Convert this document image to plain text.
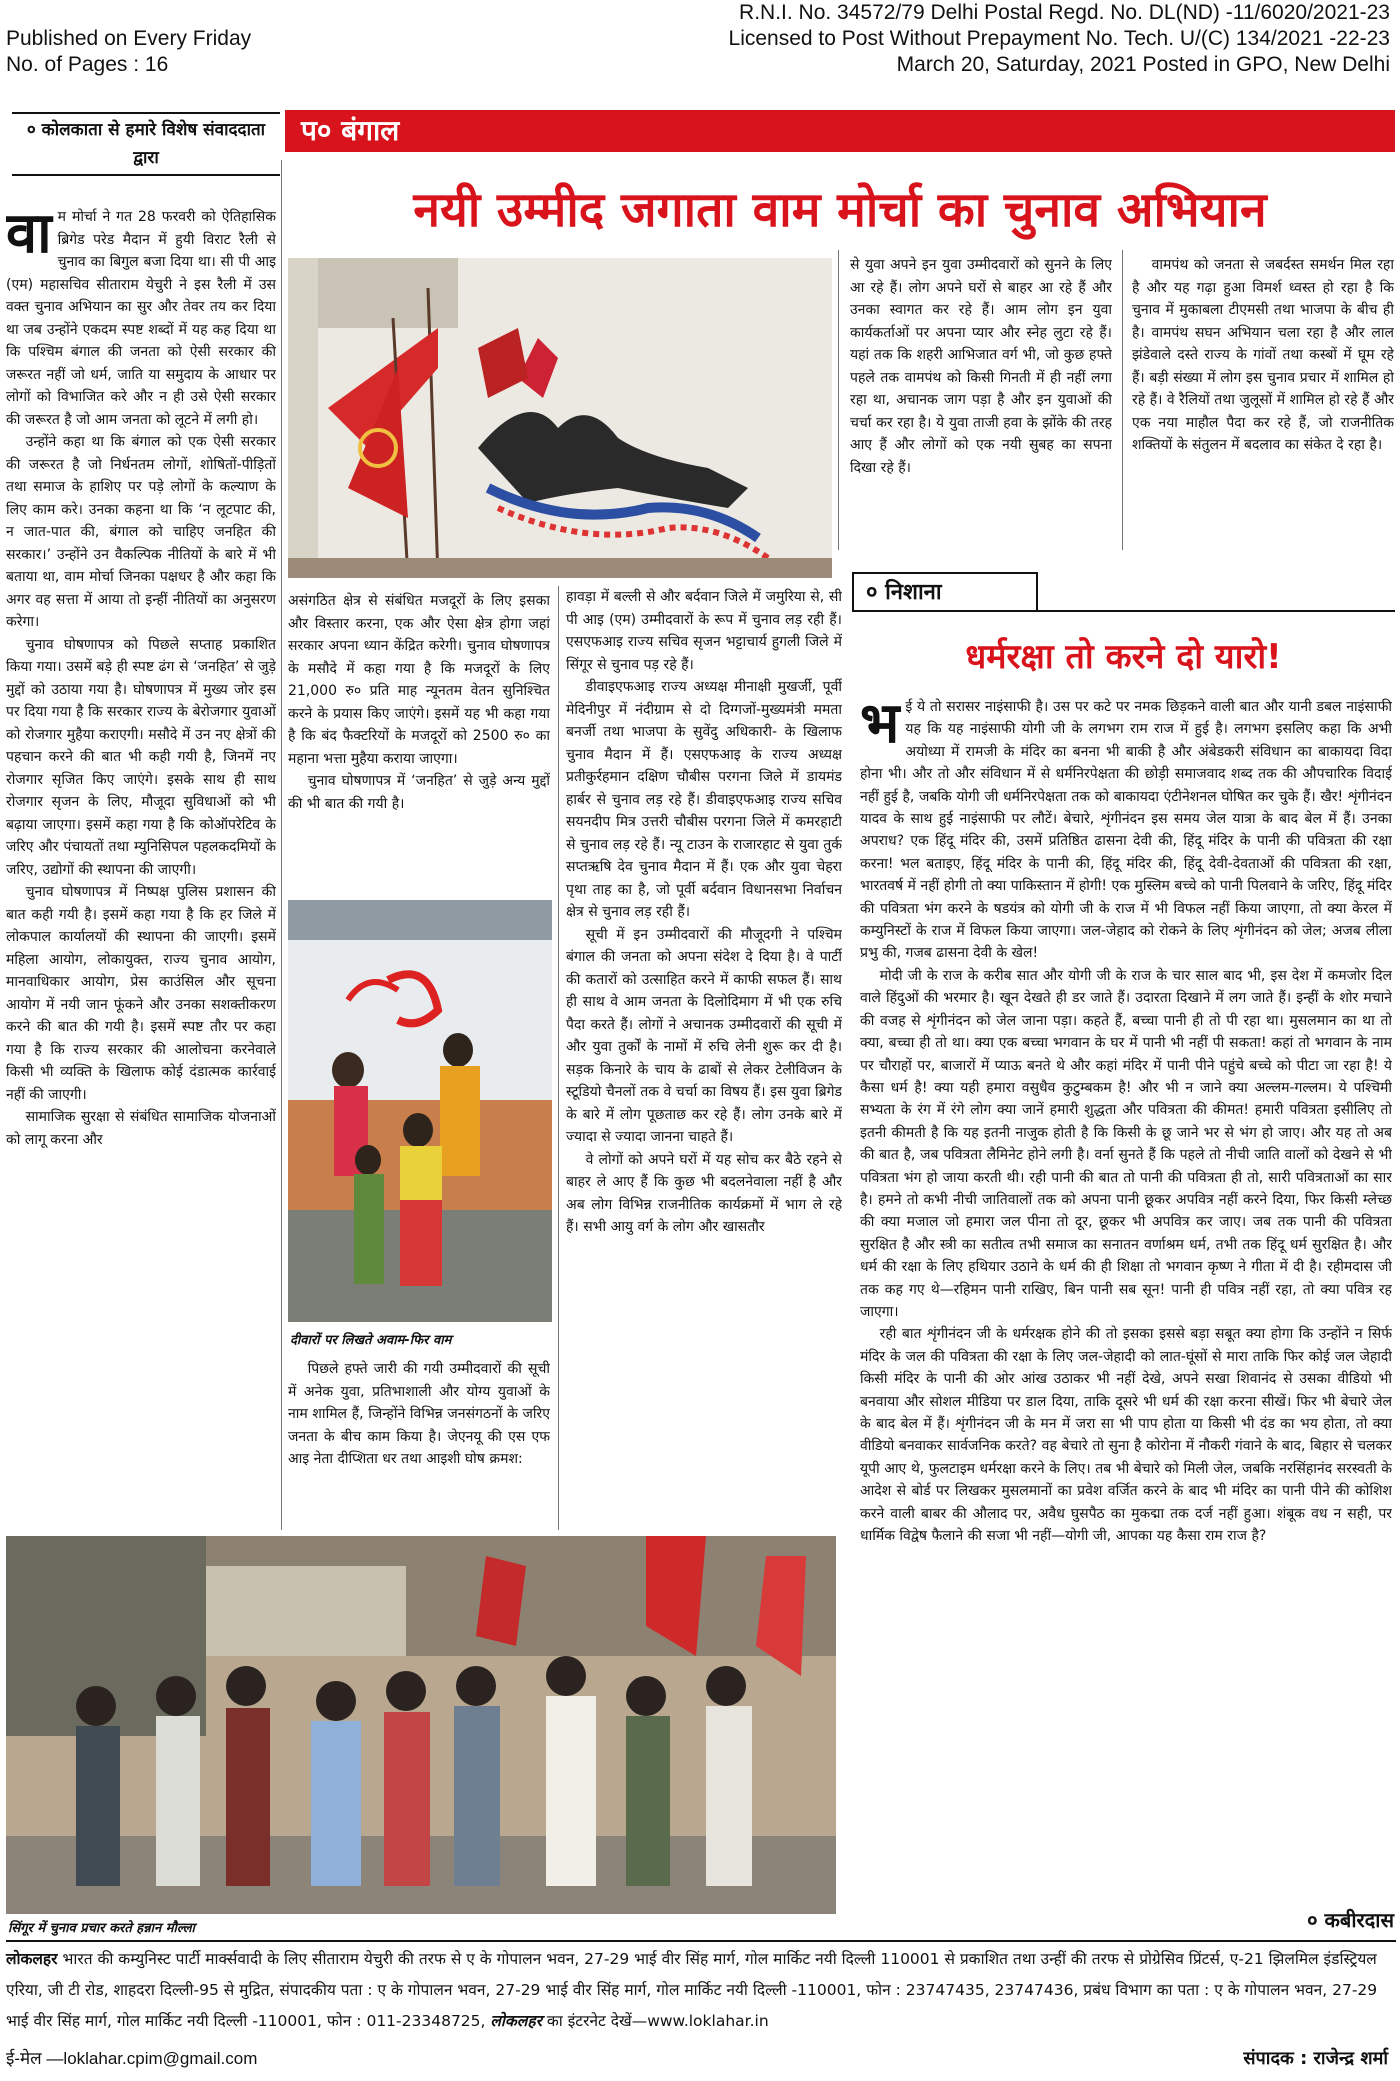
Published on Every Friday
No. of Pages : 16
R.N.I. No. 34572/79 Delhi Postal Regd. No. DL(ND) -11/6020/2021-23
Licensed to Post Without Prepayment No. Tech. U/(C) 134/2021 -22-23
March 20, Saturday, 2021 Posted in GPO, New Delhi
० कोलकाता से हमारे विशेष संवाददाता द्वारा
प० बंगाल
नयी उम्मीद जगाता वाम मोर्चा का चुनाव अभियान

वाम मोर्चा ने गत 28 फरवरी को ऐतिहासिक ब्रिगेड परेड मैदान में हुयी विराट रैली से चुनाव का बिगुल बजा दिया था। सी पी आइ (एम) महासचिव सीताराम येचुरी ने इस रैली में उस वक्त चुनाव अभियान का सुर और तेवर तय कर दिया था जब उन्होंने एकदम स्पष्ट शब्दों में यह कह दिया था कि पश्चिम बंगाल की जनता को ऐसी सरकार की जरूरत नहीं जो धर्म, जाति या समुदाय के आधार पर लोगों को विभाजित करे और न ही उसे ऐसी सरकार की जरूरत है जो आम जनता को लूटने में लगी हो।

उन्होंने कहा था कि बंगाल को एक ऐसी सरकार की जरूरत है जो निर्धनतम लोगों, शोषितों-पीड़ितों तथा समाज के हाशिए पर पड़े लोगों के कल्याण के लिए काम करे। उनका कहना था कि ‘न लूटपाट की, न जात-पात की, बंगाल को चाहिए जनहित की सरकार।’ उन्होंने उन वैकल्पिक नीतियों के बारे में भी बताया था, वाम मोर्चा जिनका पक्षधर है और कहा कि अगर वह सत्ता में आया तो इन्हीं नीतियों का अनुसरण करेगा।

चुनाव घोषणापत्र को पिछले सप्ताह प्रकाशित किया गया। उसमें बड़े ही स्पष्ट ढंग से ‘जनहित’ से जुड़े मुद्दों को उठाया गया है। घोषणापत्र में मुख्य जोर इस पर दिया गया है कि सरकार राज्य के बेरोजगार युवाओं को रोजगार मुहैया कराएगी। मसौदे में उन नए क्षेत्रों की पहचान करने की बात भी कही गयी है, जिनमें नए रोजगार सृजित किए जाएंगे। इसके साथ ही साथ रोजगार सृजन के लिए, मौजूदा सुविधाओं को भी बढ़ाया जाएगा। इसमें कहा गया है कि कोऑपरेटिव के जरिए और पंचायतों तथा म्युनिसिपल पहलकदमियों के जरिए, उद्योगों की स्थापना की जाएगी।

चुनाव घोषणापत्र में निष्पक्ष पुलिस प्रशासन की बात कही गयी है। इसमें कहा गया है कि हर जिले में लोकपाल कार्यालयों की स्थापना की जाएगी। इसमें महिला आयोग, लोकायुक्त, राज्य चुनाव आयोग, मानवाधिकार आयोग, प्रेस काउंसिल और सूचना आयोग में नयी जान फूंकने और उनका सशक्तीकरण करने की बात की गयी है। इसमें स्पष्ट तौर पर कहा गया है कि राज्य सरकार की आलोचना करनेवाले किसी भी व्यक्ति के खिलाफ कोई दंडात्मक कार्रवाई नहीं की जाएगी।

सामाजिक सुरक्षा से संबंधित सामाजिक योजनाओं को लागू करना और

असंगठित क्षेत्र से संबंधित मजदूरों के लिए इसका और विस्तार करना, एक और ऐसा क्षेत्र होगा जहां सरकार अपना ध्यान केंद्रित करेगी। चुनाव घोषणापत्र के मसौदे में कहा गया है कि मजदूरों के लिए 21,000 रु० प्रति माह न्यूनतम वेतन सुनिश्चित करने के प्रयास किए जाएंगे। इसमें यह भी कहा गया है कि बंद फैक्टरियों के मजदूरों को 2500 रु० का महाना भत्ता मुहैया कराया जाएगा।

चुनाव घोषणापत्र में ‘जनहित’ से जुड़े अन्य मुद्दों की भी बात की गयी है।

दीवारों पर लिखते अवाम-फिर वाम

पिछले हफ्ते जारी की गयी उम्मीदवारों की सूची में अनेक युवा, प्रतिभाशाली और योग्य युवाओं के नाम शामिल हैं, जिन्होंने विभिन्न जनसंगठनों के जरिए जनता के बीच काम किया है। जेएनयू की एस एफ आइ नेता दीप्शिता धर तथा आइशी घोष क्रमश:

हावड़ा में बल्ली से और बर्दवान जिले में जमुरिया से, सी पी आइ (एम) उम्मीदवारों के रूप में चुनाव लड़ रही हैं। एसएफआइ राज्य सचिव सृजन भट्टाचार्य हुगली जिले में सिंगूर से चुनाव पड़ रहे हैं।

डीवाइएफआइ राज्य अध्यक्ष मीनाक्षी मुखर्जी, पूर्वी मेदिनीपुर में नंदीग्राम से दो दिग्गजों-मुख्यमंत्री ममता बनर्जी तथा भाजपा के सुवेंदु अधिकारी- के खिलाफ चुनाव मैदान में हैं। एसएफआइ के राज्य अध्यक्ष प्रतीकुर्रहमान दक्षिण चौबीस परगना जिले में डायमंड हार्बर से चुनाव लड़ रहे हैं। डीवाइएफआइ राज्य सचिव सयनदीप मित्र उत्तरी चौबीस परगना जिले में कमरहाटी से चुनाव लड़ रहे हैं। न्यू टाउन के राजारहाट से युवा तुर्क सप्तऋषि देव चुनाव मैदान में हैं। एक और युवा चेहरा पृथा ताह का है, जो पूर्वी बर्दवान विधानसभा निर्वाचन क्षेत्र से चुनाव लड़ रही हैं।

सूची में इन उम्मीदवारों की मौजूदगी ने पश्चिम बंगाल की जनता को अपना संदेश दे दिया है। वे पार्टी की कतारों को उत्साहित करने में काफी सफल हैं। साथ ही साथ वे आम जनता के दिलोदिमाग में भी एक रुचि पैदा करते हैं। लोगों ने अचानक उम्मीदवारों की सूची में और युवा तुर्कों के नामों में रुचि लेनी शुरू कर दी है। सड़क किनारे के चाय के ढाबों से लेकर टेलीविजन के स्टूडियो चैनलों तक वे चर्चा का विषय हैं। इस युवा ब्रिगेड के बारे में लोग पूछताछ कर रहे हैं। लोग उनके बारे में ज्यादा से ज्यादा जानना चाहते हैं।

वे लोगों को अपने घरों में यह सोच कर बैठे रहने से बाहर ले आए हैं कि कुछ भी बदलनेवाला नहीं है और अब लोग विभिन्न राजनीतिक कार्यक्रमों में भाग ले रहे हैं। सभी आयु वर्ग के लोग और खासतौर

से युवा अपने इन युवा उम्मीदवारों को सुनने के लिए आ रहे हैं। लोग अपने घरों से बाहर आ रहे हैं और उनका स्वागत कर रहे हैं। आम लोग इन युवा कार्यकर्ताओं पर अपना प्यार और स्नेह लुटा रहे हैं। यहां तक कि शहरी आभिजात वर्ग भी, जो कुछ हफ्ते पहले तक वामपंथ को किसी गिनती में ही नहीं लगा रहा था, अचानक जाग पड़ा है और इन युवाओं की चर्चा कर रहा है। ये युवा ताजी हवा के झोंके की तरह आए हैं और लोगों को एक नयी सुबह का सपना दिखा रहे हैं।

वामपंथ को जनता से जबर्दस्त समर्थन मिल रहा है और यह गढ़ा हुआ विमर्श ध्वस्त हो रहा है कि चुनाव में मुकाबला टीएमसी तथा भाजपा के बीच ही है। वामपंथ सघन अभियान चला रहा है और लाल झंडेवाले दस्ते राज्य के गांवों तथा कस्बों में घूम रहे हैं। बड़ी संख्या में लोग इस चुनाव प्रचार में शामिल हो रहे हैं। वे रैलियों तथा जुलूसों में शामिल हो रहे हैं और एक नया माहौल पैदा कर रहे हैं, जो राजनीतिक शक्तियों के संतुलन में बदलाव का संकेत दे रहा है।

० निशाना
धर्मरक्षा तो करने दो यारो!

भई ये तो सरासर नाइंसाफी है। उस पर कटे पर नमक छिड़कने वाली बात और यानी डबल नाइंसाफी यह कि यह नाइंसाफी योगी जी के लगभग राम राज में हुई है। लगभग इसलिए कहा कि अभी अयोध्या में रामजी के मंदिर का बनना भी बाकी है और अंबेडकरी संविधान का बाकायदा विदा होना भी। और तो और संविधान में से धर्मनिरपेक्षता की छोड़ी समाजवाद शब्द तक की औपचारिक विदाई नहीं हुई है, जबकि योगी जी धर्मनिरपेक्षता तक को बाकायदा एंटीनेशनल घोषित कर चुके हैं। खैर! शृंगीनंदन यादव के साथ हुई नाइंसाफी पर लौटें। बेचारे, शृंगीनंदन इस समय जेल यात्रा के बाद बेल में हैं। उनका अपराध? एक हिंदू मंदिर की, उसमें प्रतिष्ठित ढासना देवी की, हिंदू मंदिर के पानी की पवित्रता की रक्षा करना! भल बताइए, हिंदू मंदिर के पानी की, हिंदू मंदिर की, हिंदू देवी-देवताओं की पवित्रता की रक्षा, भारतवर्ष में नहीं होगी तो क्या पाकिस्तान में होगी! एक मुस्लिम बच्चे को पानी पिलवाने के जरिए, हिंदू मंदिर की पवित्रता भंग करने के षडयंत्र को योगी जी के राज में भी विफल नहीं किया जाएगा, तो क्या केरल में कम्युनिस्टों के राज में विफल किया जाएगा। जल-जेहाद को रोकने के लिए शृंगीनंदन को जेल; अजब लीला प्रभु की, गजब ढासना देवी के खेल!

मोदी जी के राज के करीब सात और योगी जी के राज के चार साल बाद भी, इस देश में कमजोर दिल वाले हिंदुओं की भरमार है। खून देखते ही डर जाते हैं। उदारता दिखाने में लग जाते हैं। इन्हीं के शोर मचाने की वजह से शृंगीनंदन को जेल जाना पड़ा। कहते हैं, बच्चा पानी ही तो पी रहा था। मुसलमान का था तो क्या, बच्चा ही तो था। क्या एक बच्चा भगवान के घर में पानी भी नहीं पी सकता! कहां तो भगवान के नाम पर चौराहों पर, बाजारों में प्याऊ बनते थे और कहां मंदिर में पानी पीने पहुंचे बच्चे को पीटा जा रहा है! ये कैसा धर्म है! क्या यही हमारा वसुधैव कुटुम्बकम है! और भी न जाने क्या अल्लम-गल्लम। ये पश्चिमी सभ्यता के रंग में रंगे लोग क्या जानें हमारी शुद्धता और पवित्रता की कीमत! हमारी पवित्रता इसीलिए तो इतनी कीमती है कि यह इतनी नाजुक होती है कि किसी के छू जाने भर से भंग हो जाए। और यह तो अब की बात है, जब पवित्रता लैमिनेट होने लगी है। वर्ना सुनते हैं कि पहले तो नीची जाति वालों को देखने से भी पवित्रता भंग हो जाया करती थी। रही पानी की बात तो पानी की पवित्रता ही तो, सारी पवित्रताओं का सार है। हमने तो कभी नीची जातिवालों तक को अपना पानी छूकर अपवित्र नहीं करने दिया, फिर किसी म्लेच्छ की क्या मजाल जो हमारा जल पीना तो दूर, छूकर भी अपवित्र कर जाए। जब तक पानी की पवित्रता सुरक्षित है और स्त्री का सतीत्व तभी समाज का सनातन वर्णाश्रम धर्म, तभी तक हिंदू धर्म सुरक्षित है। और धर्म की रक्षा के लिए हथियार उठाने के धर्म की ही शिक्षा तो भगवान कृष्ण ने गीता में दी है। रहीमदास जी तक कह गए थे—रहिमन पानी राखिए, बिन पानी सब सून! पानी ही पवित्र नहीं रहा, तो क्या पवित्र रह जाएगा।

रही बात शृंगीनंदन जी के धर्मरक्षक होने की तो इसका इससे बड़ा सबूत क्या होगा कि उन्होंने न सिर्फ मंदिर के जल की पवित्रता की रक्षा के लिए जल-जेहादी को लात-घूंसों से मारा ताकि फिर कोई जल जेहादी किसी मंदिर के पानी की ओर आंख उठाकर भी नहीं देखे, अपने सखा शिवानंद से उसका वीडियो भी बनवाया और सोशल मीडिया पर डाल दिया, ताकि दूसरे भी धर्म की रक्षा करना सीखें। फिर भी बेचारे जेल के बाद बेल में हैं। शृंगीनंदन जी के मन में जरा सा भी पाप होता या किसी भी दंड का भय होता, तो क्या वीडियो बनवाकर सार्वजनिक करते? वह बेचारे तो सुना है कोरोना में नौकरी गंवाने के बाद, बिहार से चलकर यूपी आए थे, फुलटाइम धर्मरक्षा करने के लिए। तब भी बेचारे को मिली जेल, जबकि नरसिंहानंद सरस्वती के आदेश से बोर्ड पर लिखकर मुसलमानों का प्रवेश वर्जित करने के बाद भी मंदिर का पानी पीने की कोशिश करने वाली बाबर की औलाद पर, अवैध घुसपैठ का मुकद्मा तक दर्ज नहीं हुआ। शंबूक वध न सही, पर धार्मिक विद्वेष फैलाने की सजा भी नहीं—योगी जी, आपका यह कैसा राम राज है?

० कबीरदास
सिंगूर में चुनाव प्रचार करते हन्नान मौल्ला
लोकलहर भारत की कम्युनिस्ट पार्टी मार्क्सवादी के लिए सीताराम येचुरी की तरफ से ए के गोपालन भवन, 27-29 भाई वीर सिंह मार्ग, गोल मार्किट नयी दिल्ली 110001 से प्रकाशित तथा उन्हीं की तरफ से प्रोग्रेसिव प्रिंटर्स, ए-21 झिलमिल इंडस्ट्रियल एरिया, जी टी रोड, शाहदरा दिल्ली-95 से मुद्रित, संपादकीय पता : ए के गोपालन भवन, 27-29 भाई वीर सिंह मार्ग, गोल मार्किट नयी दिल्ली -110001, फोन : 23747435, 23747436, प्रबंध विभाग का पता : ए के गोपालन भवन, 27-29 भाई वीर सिंह मार्ग, गोल मार्किट नयी दिल्ली -110001, फोन : 011-23348725, लोकलहर का इंटरनेट देखें—www.loklahar.in
ई-मेल —loklahar.cpim@gmail.com	संपादक : राजेन्द्र शर्मा
